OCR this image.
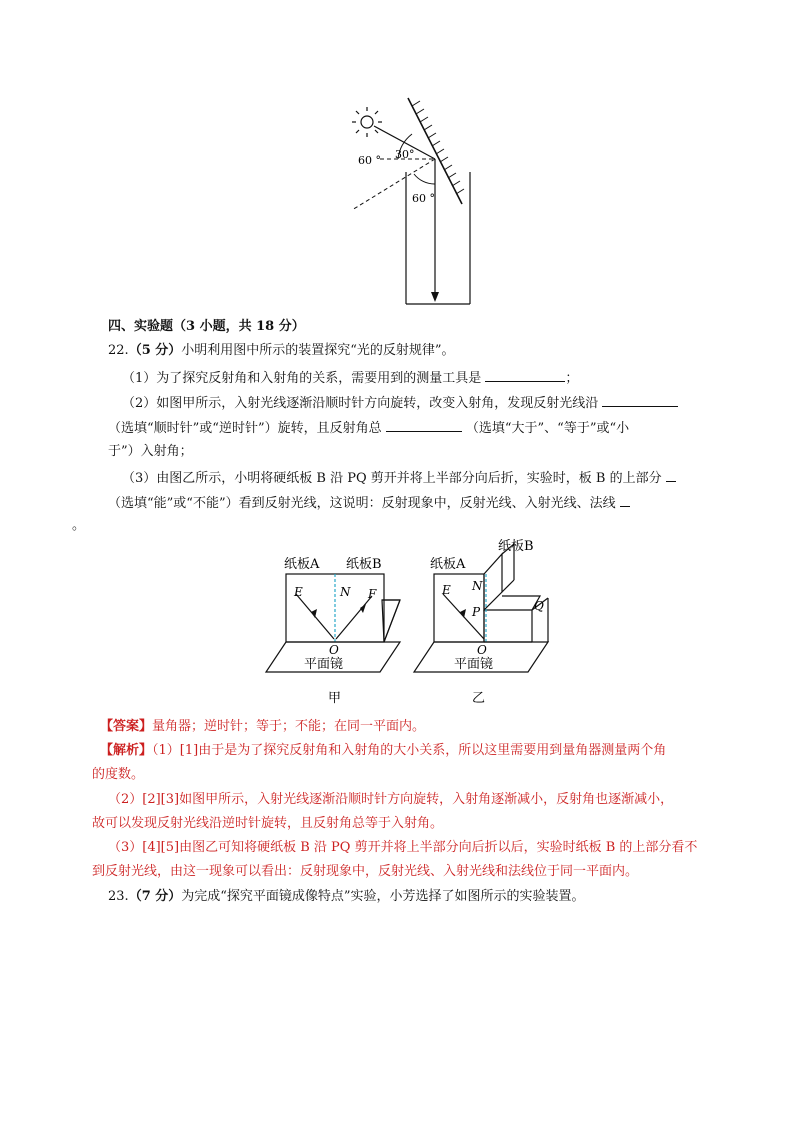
60 ° 30°
60 °
四、实验题（3 小题，共 18 分）
22.（5 分）小明利用图中所示的装置探究“光的反射规律”。
（1）为了探究反射角和入射角的关系，需要用到的测量工具是	；
（2）如图甲所示，入射光线逐渐沿顺时针方向旋转，改变入射角，发现反射光线沿
（选填“顺时针”或“逆时针”）旋转，且反射角总	（选填“大于”、“等于”或“小
于”）入射角；
（3）由图乙所示，小明将硬纸板 B 沿 PQ 剪开并将上半部分向后折，实验时，板 B 的上部分
（选填“能”或“不能”）看到反射光线，这说明：反射现象中，反射光线、入射光线、法线
。
纸板A 纸板B
E	N F
O
平面镜
甲
纸板A
纸板B
E N
P	Q
O
平面镜
乙
【答案】量角器；逆时针；等于；不能；在同一平面内。
【解析】（1）[1]由于是为了探究反射角和入射角的大小关系，所以这里需要用到量角器测量两个角
的度数。
（2）[2][3]如图甲所示，入射光线逐渐沿顺时针方向旋转，入射角逐渐减小，反射角也逐渐减小，
故可以发现反射光线沿逆时针旋转，且反射角总等于入射角。
（3）[4][5]由图乙可知将硬纸板 B 沿 PQ 剪开并将上半部分向后折以后，实验时纸板 B 的上部分看不
到反射光线，由这一现象可以看出：反射现象中，反射光线、入射光线和法线位于同一平面内。
23.（7 分）为完成“探究平面镜成像特点”实验，小芳选择了如图所示的实验装置。
